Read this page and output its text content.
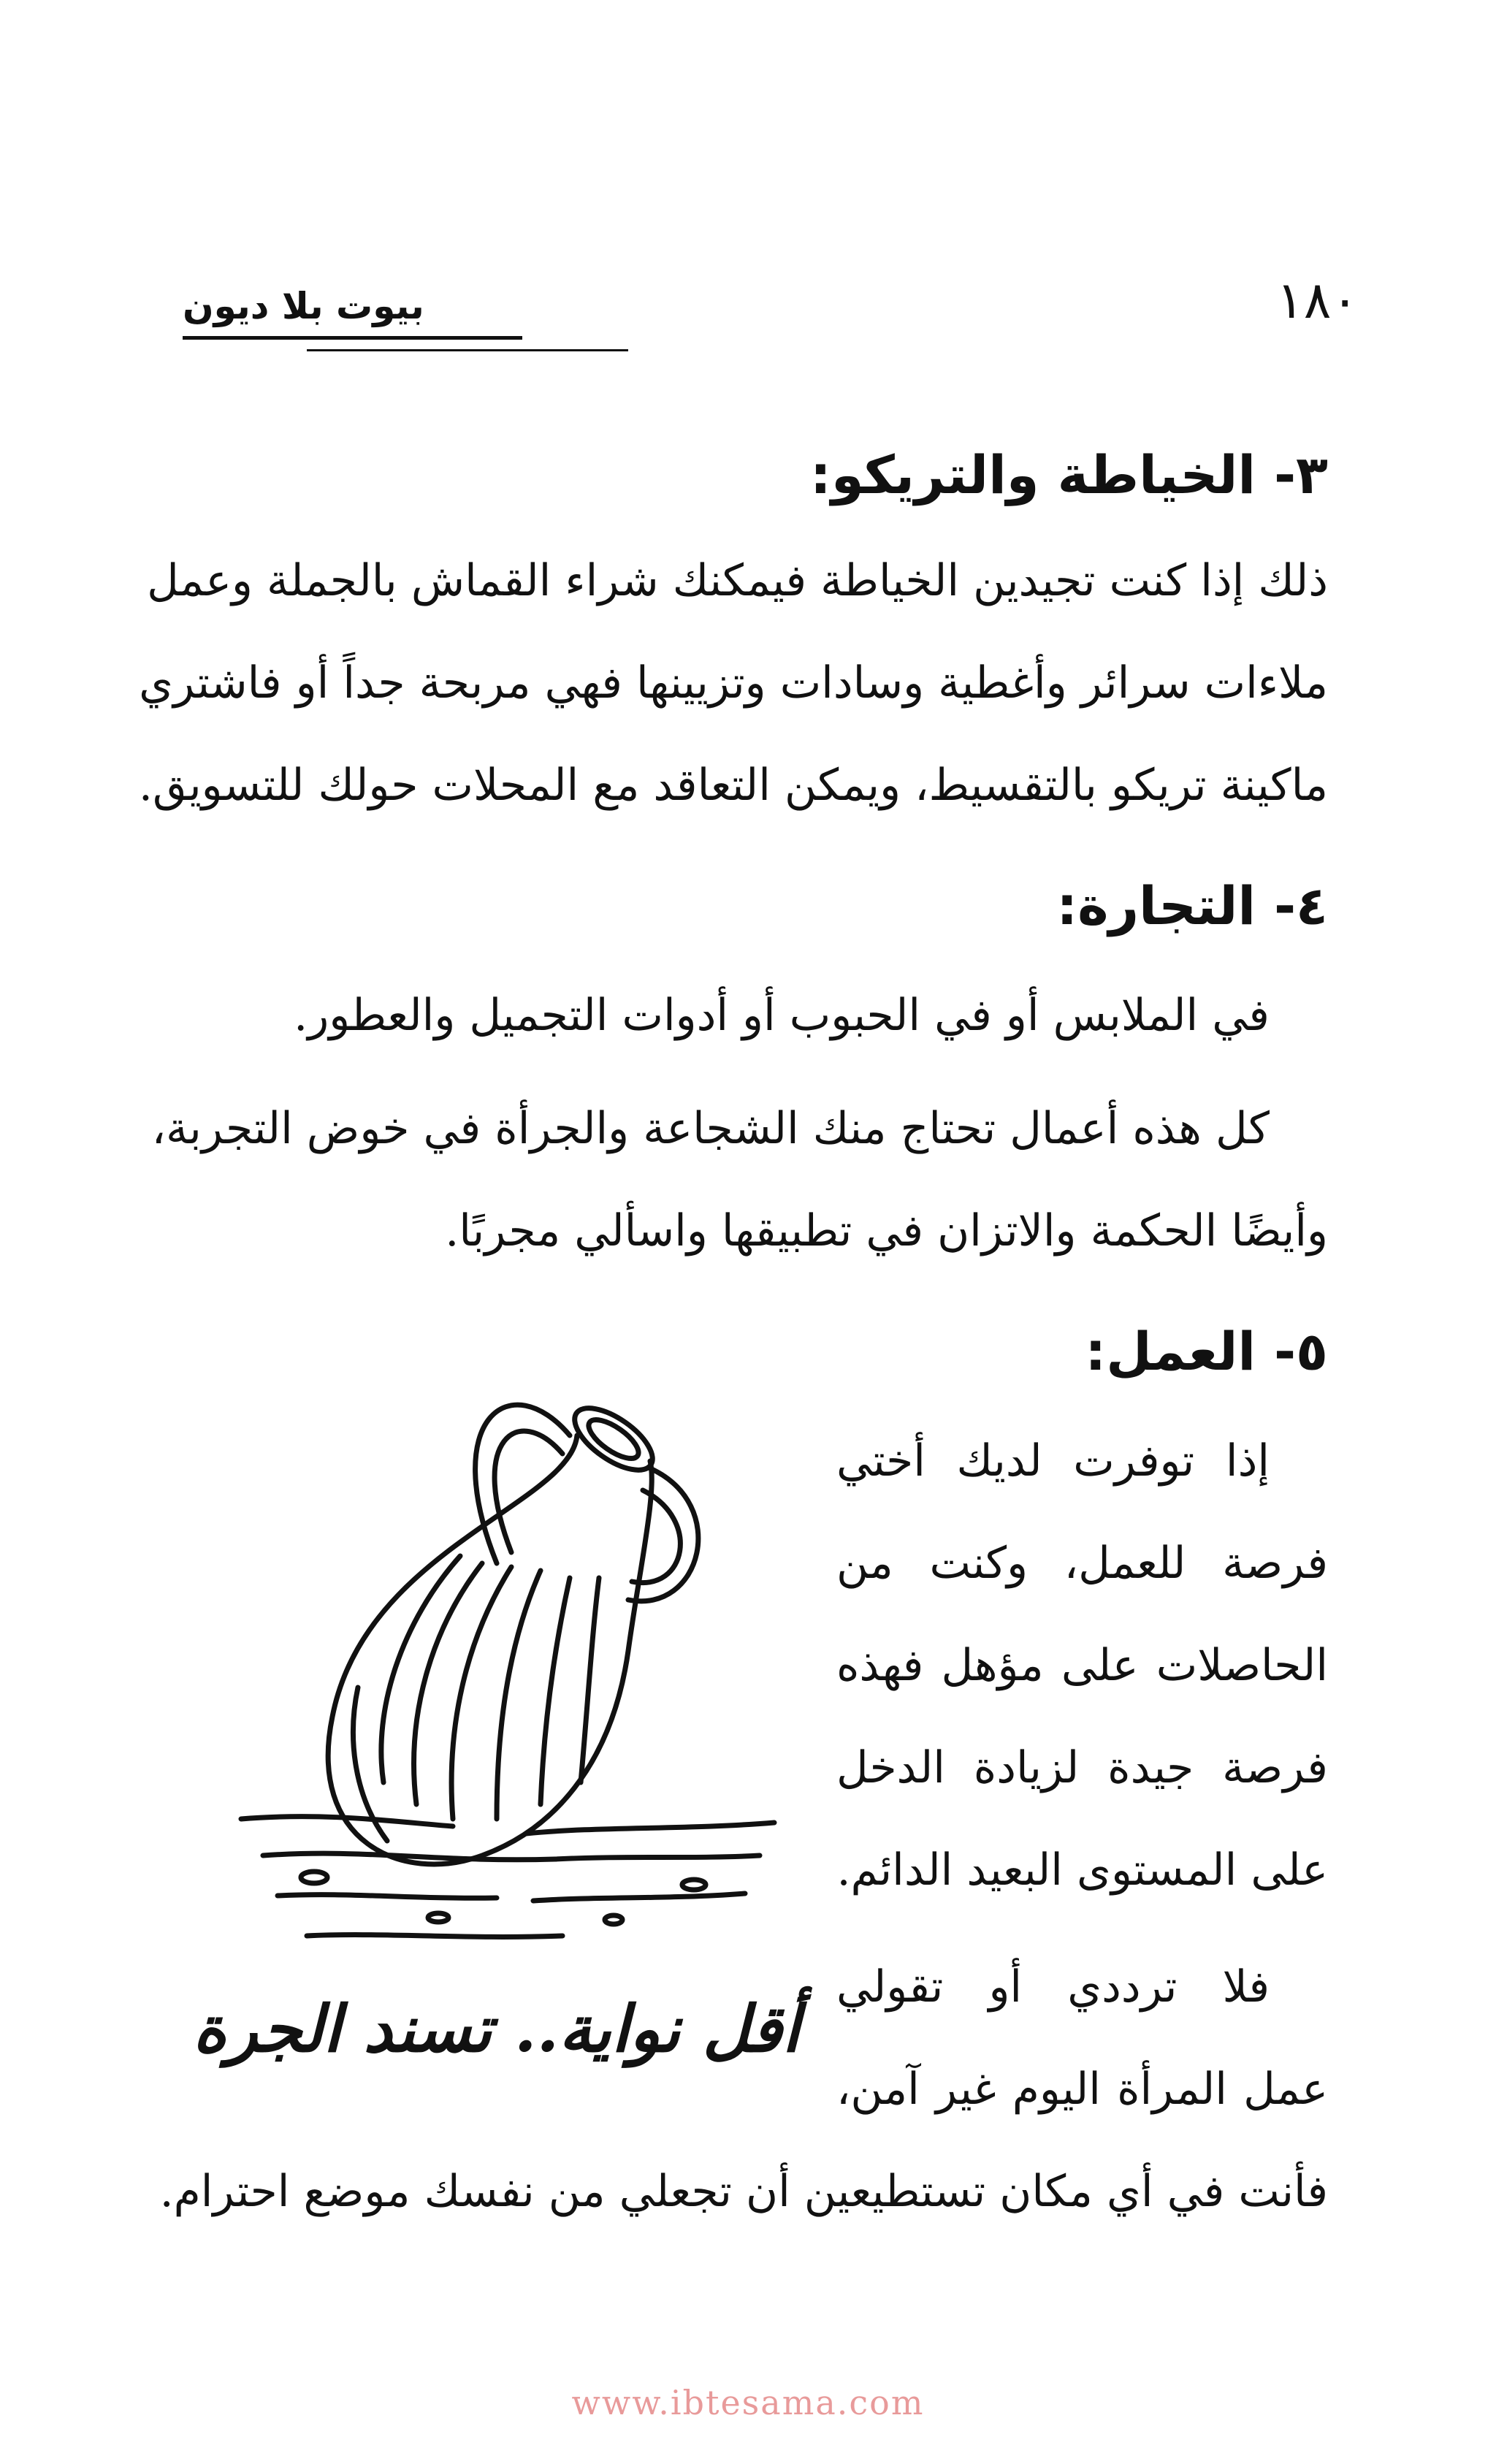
١٨٠
بيوت بلا ديون
٣- الخياطة والتريكو:
ذلك إذا كنت تجيدين الخياطة فيمكنك شراء القماش بالجملة وعمل
ملاءات سرائر وأغطية وسادات وتزيينها فهي مربحة جداً أو فاشتري
ماكينة تريكو بالتقسيط، ويمكن التعاقد مع المحلات حولك للتسويق.
٤- التجارة:
في الملابس أو في الحبوب أو أدوات التجميل والعطور.
كل هذه أعمال تحتاج منك الشجاعة والجرأة في خوض التجربة،
وأيضًا الحكمة والاتزان في تطبيقها واسألي مجربًا.
٥- العمل:
إذا توفرت لديك أختي
فرصة للعمل، وكنت من
الحاصلات على مؤهل فهذه
فرصة جيدة لزيادة الدخل
على المستوى البعيد الدائم.
فلا ترددي أو تقولي
عمل المرأة اليوم غير آمن،
فأنت في أي مكان تستطيعين أن تجعلي من نفسك موضع احترام.
أقل نواية.. تسند الجرة
www.ibtesama.com
